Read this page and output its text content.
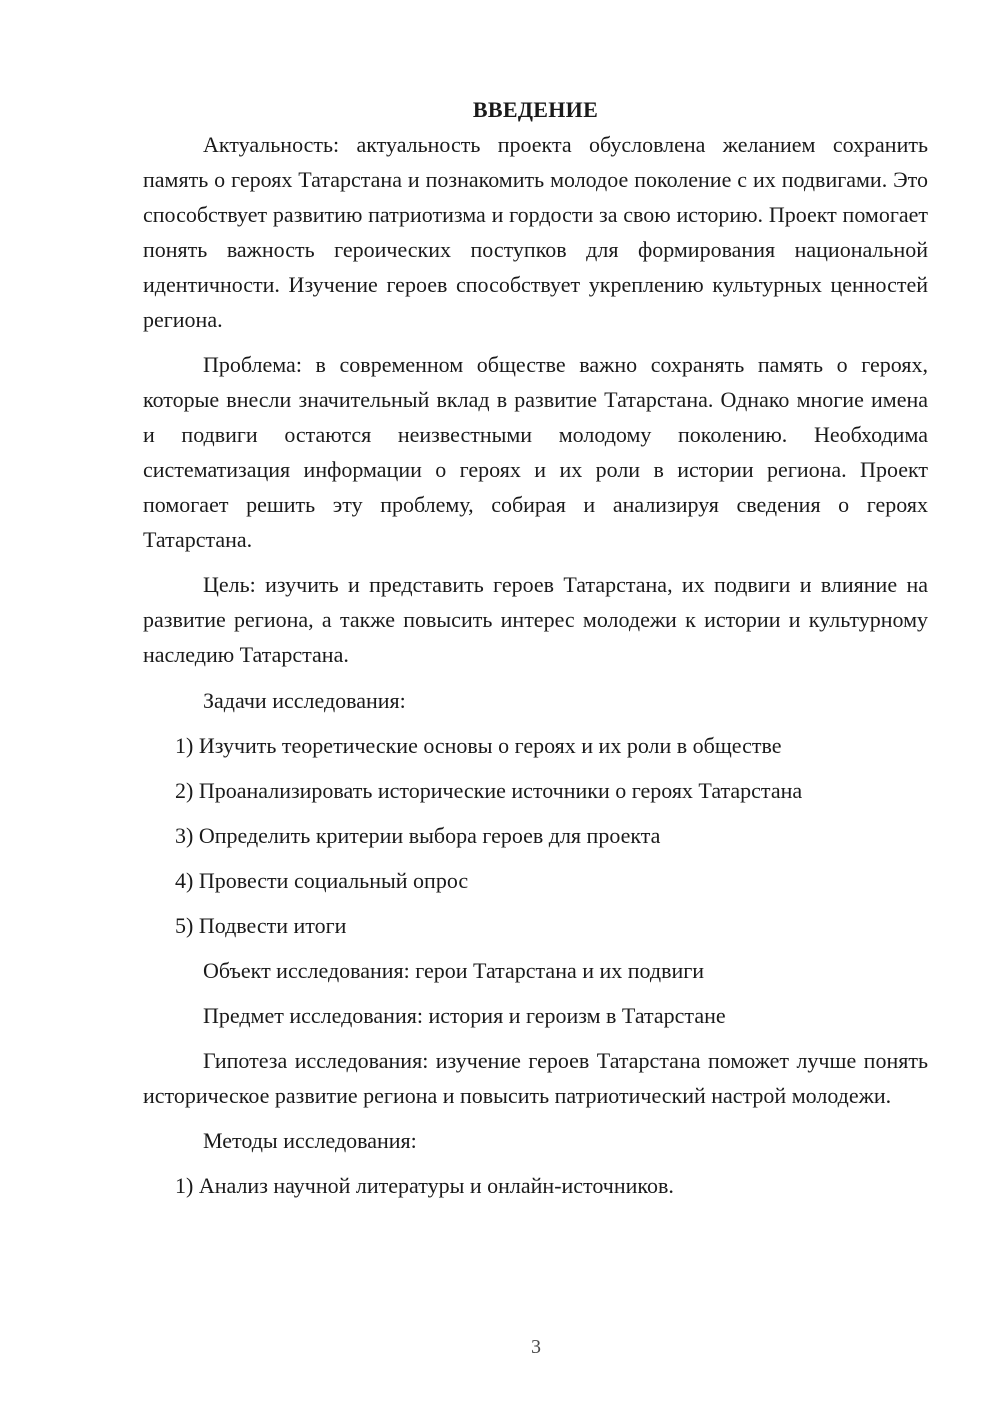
ВВЕДЕНИЕ

Актуальность: актуальность проекта обусловлена желанием сохранить память о героях Татарстана и познакомить молодое поколение с их подвигами. Это способствует развитию патриотизма и гордости за свою историю. Проект помогает понять важность героических поступков для формирования национальной идентичности. Изучение героев способствует укреплению культурных ценностей региона.

Проблема: в современном обществе важно сохранять память о героях, которые внесли значительный вклад в развитие Татарстана. Однако многие имена и подвиги остаются неизвестными молодому поколению. Необходима систематизация информации о героях и их роли в истории региона. Проект помогает решить эту проблему, собирая и анализируя сведения о героях Татарстана.

Цель: изучить и представить героев Татарстана, их подвиги и влияние на развитие региона, а также повысить интерес молодежи к истории и культурному наследию Татарстана.

Задачи исследования:

1) Изучить теоретические основы о героях и их роли в обществе

2) Проанализировать исторические источники о героях Татарстана

3) Определить критерии выбора героев для проекта

4) Провести социальный опрос

5) Подвести итоги

Объект исследования: герои Татарстана и их подвиги

Предмет исследования: история и героизм в Татарстане

Гипотеза исследования: изучение героев Татарстана поможет лучше понять историческое развитие региона и повысить патриотический настрой молодежи.

Методы исследования:

1) Анализ научной литературы и онлайн-источников.

3
